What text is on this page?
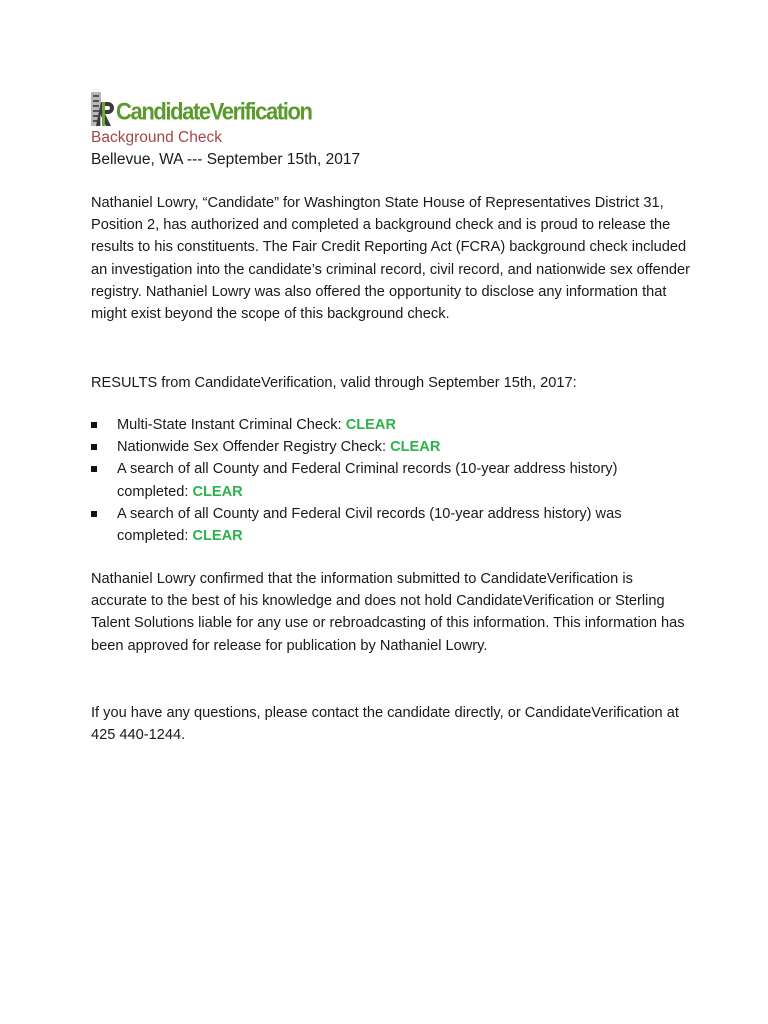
CandidateVerification
Background Check
Bellevue, WA --- September 15th, 2017
Nathaniel Lowry, “Candidate” for Washington State House of Representatives District 31, Position 2, has authorized and completed a background check and is proud to release the results to his constituents. The Fair Credit Reporting Act (FCRA) background check included an investigation into the candidate’s criminal record, civil record, and nationwide sex offender registry. Nathaniel Lowry was also offered the opportunity to disclose any information that might exist beyond the scope of this background check.
RESULTS from CandidateVerification, valid through September 15th, 2017:
Multi-State Instant Criminal Check: CLEAR
Nationwide Sex Offender Registry Check: CLEAR
A search of all County and Federal Criminal records (10-year address history) completed: CLEAR
A search of all County and Federal Civil records (10-year address history) was completed: CLEAR
Nathaniel Lowry confirmed that the information submitted to CandidateVerification is accurate to the best of his knowledge and does not hold CandidateVerification or Sterling Talent Solutions liable for any use or rebroadcasting of this information. This information has been approved for release for publication by Nathaniel Lowry.
If you have any questions, please contact the candidate directly, or CandidateVerification at 425 440-1244.
